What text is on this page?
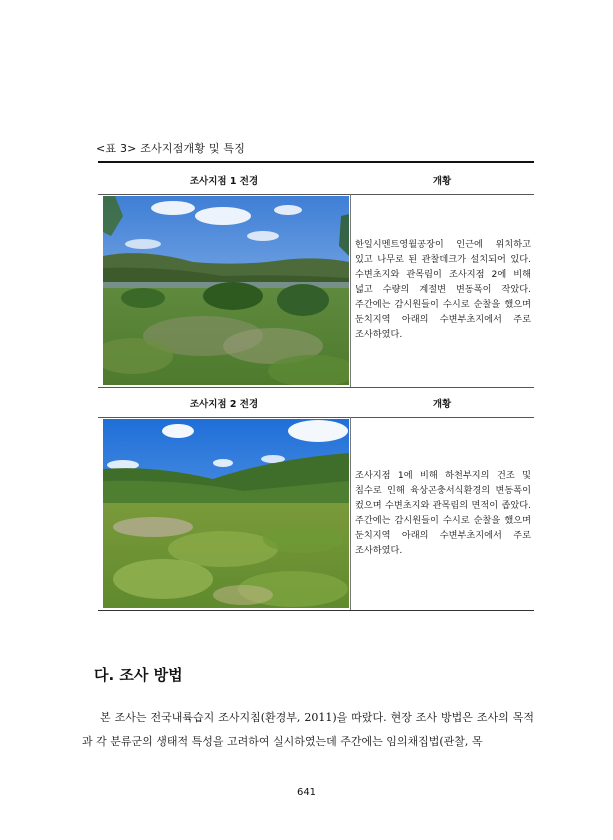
<표 3> 조사지점개황 및 특징
조사지점 1 전경	개황

한일시멘트영월공장이 인근에 위치하고 있고 나무로 된 관찰데크가 설치되어 있다. 수변초지와 관목림이 조사지점 2에 비해 넓고 수량의 계절변 변동폭이 작았다. 주간에는 감시원들이 수시로 순찰을 했으며 둔치지역 아래의 수변부초지에서 주로 조사하였다.

조사지점 2 전경	개황

조사지점 1에 비해 하천부지의 건조 및 침수로 인해 육상곤충서식환경의 변동폭이 컸으며 수변초지와 관목림의 면적이 좁았다. 주간에는 감시원들이 수시로 순찰을 했으며 둔치지역 아래의 수변부초지에서 주로 조사하였다.

다. 조사 방법

본 조사는 전국내륙습지 조사지침(환경부, 2011)을 따랐다. 현장 조사 방법은 조사의 목적과 각 분류군의 생태적 특성을 고려하여 실시하였는데 주간에는 임의채집법(관찰, 목

641
